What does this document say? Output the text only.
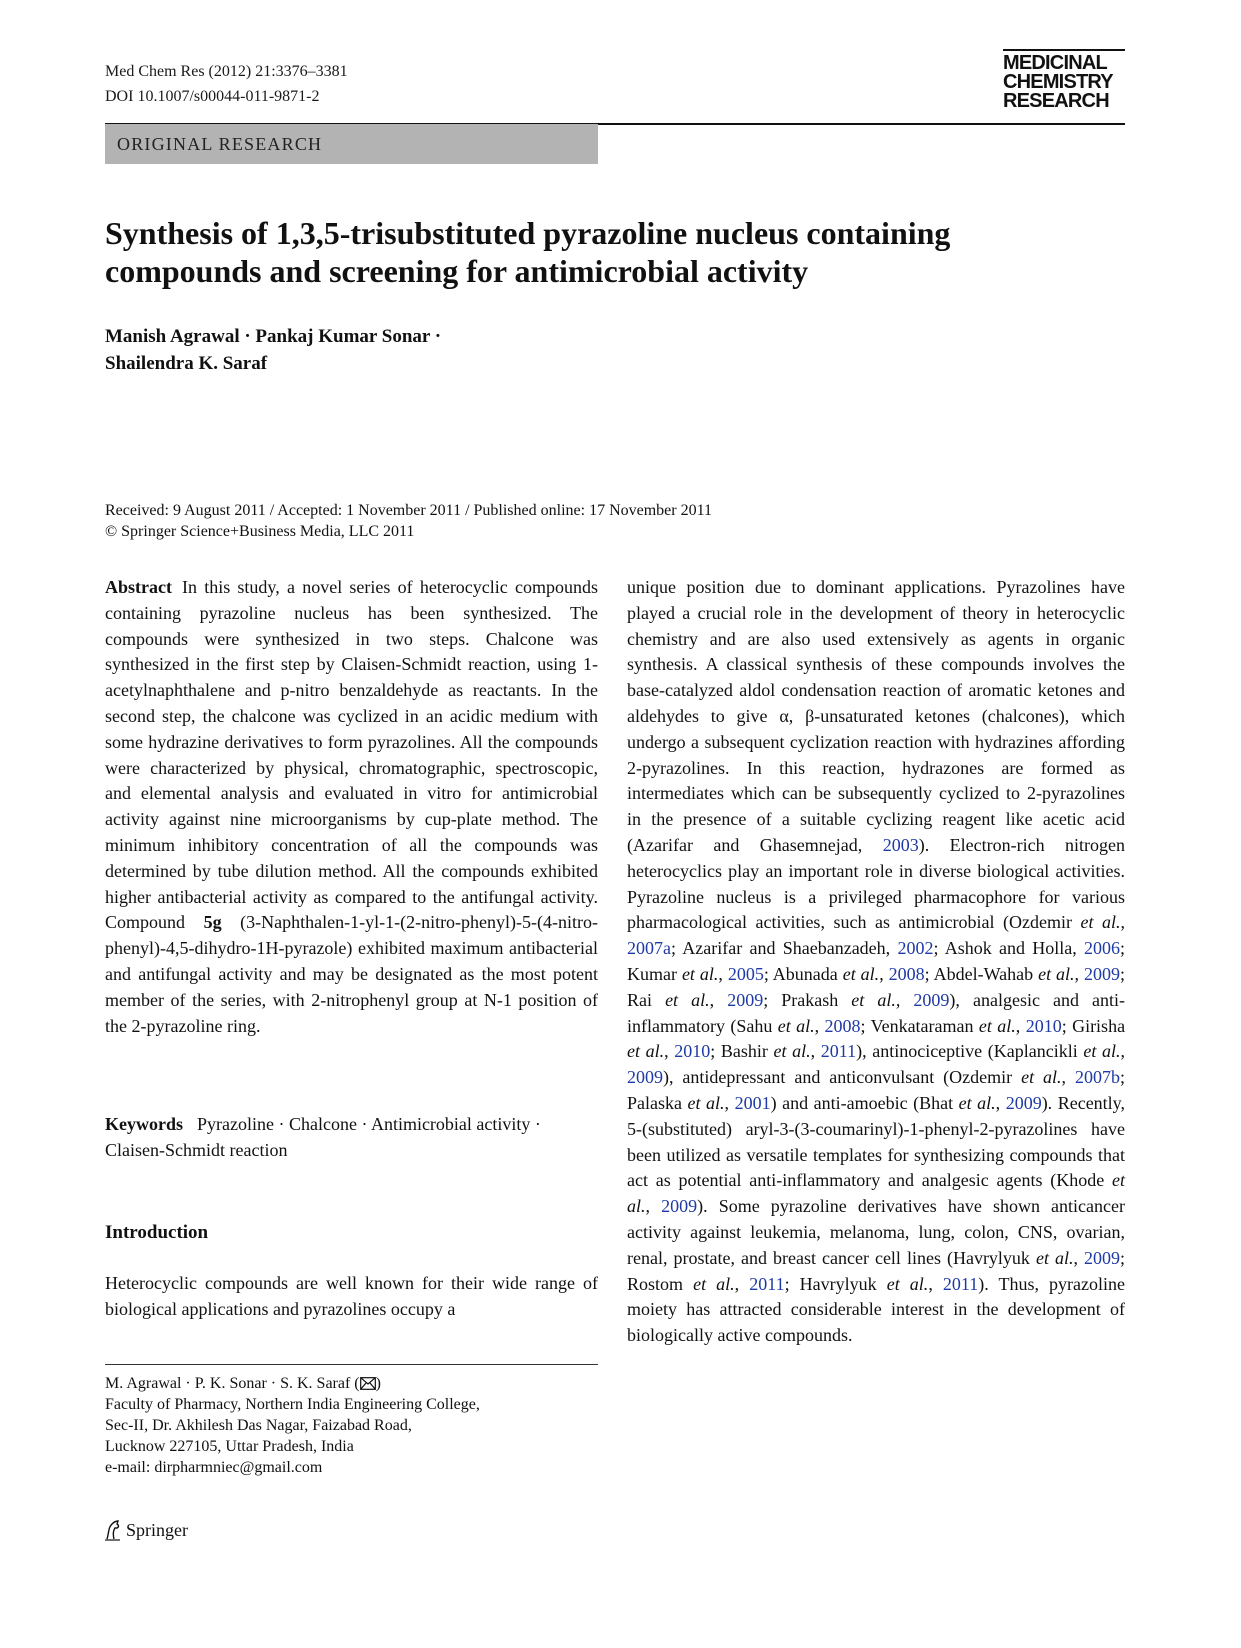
Med Chem Res (2012) 21:3376–3381
DOI 10.1007/s00044-011-9871-2
MEDICINAL
CHEMISTRY
RESEARCH
ORIGINAL RESEARCH
Synthesis of 1,3,5-trisubstituted pyrazoline nucleus containing
compounds and screening for antimicrobial activity
Manish Agrawal · Pankaj Kumar Sonar ·
Shailendra K. Saraf
Received: 9 August 2011 / Accepted: 1 November 2011 / Published online: 17 November 2011
© Springer Science+Business Media, LLC 2011

Abstract In this study, a novel series of heterocyclic compounds containing pyrazoline nucleus has been synthesized. The compounds were synthesized in two steps. Chalcone was synthesized in the first step by Claisen-Schmidt reaction, using 1-acetylnaphthalene and p-nitro benzaldehyde as reactants. In the second step, the chalcone was cyclized in an acidic medium with some hydrazine derivatives to form pyrazolines. All the compounds were characterized by physical, chromatographic, spectroscopic, and elemental analysis and evaluated in vitro for antimicrobial activity against nine microorganisms by cup-plate method. The minimum inhibitory concentration of all the compounds was determined by tube dilution method. All the compounds exhibited higher antibacterial activity as compared to the antifungal activity. Compound 5g (3-Naphthalen-1-yl-1-(2-nitro-phenyl)-5-(4-nitro-phenyl)-4,5-dihydro-1H-pyrazole) exhibited maximum antibacterial and antifungal activity and may be designated as the most potent member of the series, with 2-nitrophenyl group at N-1 position of the 2-pyrazoline ring.

Keywords Pyrazoline · Chalcone · Antimicrobial activity · Claisen-Schmidt reaction

Introduction

Heterocyclic compounds are well known for their wide range of biological applications and pyrazolines occupy a

M. Agrawal · P. K. Sonar · S. K. Saraf ( )
Faculty of Pharmacy, Northern India Engineering College,
Sec-II, Dr. Akhilesh Das Nagar, Faizabad Road,
Lucknow 227105, Uttar Pradesh, India
e-mail: dirpharmniec@gmail.com
Springer

unique position due to dominant applications. Pyrazolines have played a crucial role in the development of theory in heterocyclic chemistry and are also used extensively as agents in organic synthesis. A classical synthesis of these compounds involves the base-catalyzed aldol condensation reaction of aromatic ketones and aldehydes to give α, β-unsaturated ketones (chalcones), which undergo a subsequent cyclization reaction with hydrazines affording 2-pyrazolines. In this reaction, hydrazones are formed as intermediates which can be subsequently cyclized to 2-pyrazolines in the presence of a suitable cyclizing reagent like acetic acid (Azarifar and Ghasemnejad, 2003). Electron-rich nitrogen heterocyclics play an important role in diverse biological activities. Pyrazoline nucleus is a privileged pharmacophore for various pharmacological activities, such as antimicrobial (Ozdemir et al., 2007a; Azarifar and Shaebanzadeh, 2002; Ashok and Holla, 2006; Kumar et al., 2005; Abunada et al., 2008; Abdel-Wahab et al., 2009; Rai et al., 2009; Prakash et al., 2009), analgesic and anti-inflammatory (Sahu et al., 2008; Venkataraman et al., 2010; Girisha et al., 2010; Bashir et al., 2011), antinociceptive (Kaplancikli et al., 2009), antidepressant and anticonvulsant (Ozdemir et al., 2007b; Palaska et al., 2001) and anti-amoebic (Bhat et al., 2009). Recently, 5-(substituted) aryl-3-(3-coumarinyl)-1-phenyl-2-pyrazolines have been utilized as versatile templates for synthesizing compounds that act as potential anti-inflammatory and analgesic agents (Khode et al., 2009). Some pyrazoline derivatives have shown anticancer activity against leukemia, melanoma, lung, colon, CNS, ovarian, renal, prostate, and breast cancer cell lines (Havrylyuk et al., 2009; Rostom et al., 2011; Havrylyuk et al., 2011). Thus, pyrazoline moiety has attracted considerable interest in the development of biologically active compounds.
